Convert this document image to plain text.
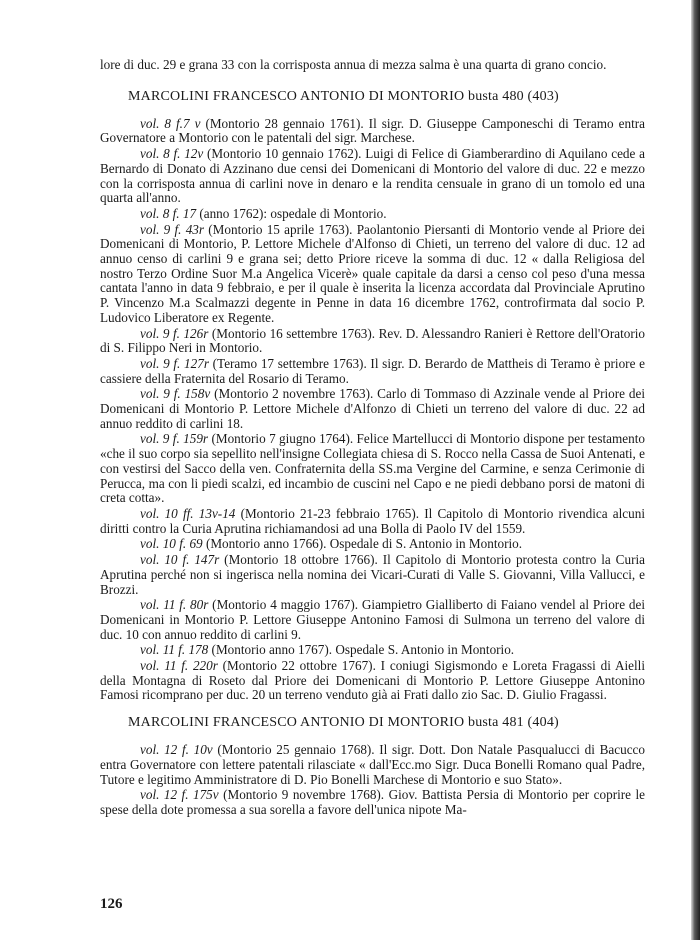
lore di duc. 29 e grana 33 con la corrisposta annua di mezza salma è una quarta di grano concio.

MARCOLINI FRANCESCO ANTONIO DI MONTORIO busta 480 (403)

vol. 8 f.7 v (Montorio 28 gennaio 1761). Il sigr. D. Giuseppe Camponeschi di Teramo entra Governatore a Montorio con le patentali del sigr. Marchese.

vol. 8 f. 12v (Montorio 10 gennaio 1762). Luigi di Felice di Giamberardino di Aquilano cede a Bernardo di Donato di Azzinano due censi dei Domenicani di Montorio del valore di duc. 22 e mezzo con la corrisposta annua di carlini nove in denaro e la rendita censuale in grano di un tomolo ed una quarta all'anno.

vol. 8 f. 17 (anno 1762): ospedale di Montorio.

vol. 9 f. 43r (Montorio 15 aprile 1763). Paolantonio Piersanti di Montorio vende al Priore dei Domenicani di Montorio, P. Lettore Michele d'Alfonso di Chieti, un terreno del valore di duc. 12 ad annuo censo di carlini 9 e grana sei; detto Priore riceve la somma di duc. 12 « dalla Religiosa del nostro Terzo Ordine Suor M.a Angelica Vicerè» quale capitale da darsi a censo col peso d'una messa cantata l'anno in data 9 febbraio, e per il quale è inserita la licenza accordata dal Provinciale Aprutino P. Vincenzo M.a Scalmazzi degente in Penne in data 16 dicembre 1762, controfirmata dal socio P. Ludovico Liberatore ex Regente.

vol. 9 f. 126r (Montorio 16 settembre 1763). Rev. D. Alessandro Ranieri è Rettore dell'Oratorio di S. Filippo Neri in Montorio.

vol. 9 f. 127r (Teramo 17 settembre 1763). Il sigr. D. Berardo de Mattheis di Teramo è priore e cassiere della Fraternita del Rosario di Teramo.

vol. 9 f. 158v (Montorio 2 novembre 1763). Carlo di Tommaso di Azzinale vende al Priore dei Domenicani di Montorio P. Lettore Michele d'Alfonzo di Chieti un terreno del valore di duc. 22 ad annuo reddito di carlini 18.

vol. 9 f. 159r (Montorio 7 giugno 1764). Felice Martellucci di Montorio dispone per testamento «che il suo corpo sia sepellito nell'insigne Collegiata chiesa di S. Rocco nella Cassa de Suoi Antenati, e con vestirsi del Sacco della ven. Confraternita della SS.ma Vergine del Carmine, e senza Cerimonie di Perucca, ma con li piedi scalzi, ed incambio de cuscini nel Capo e ne piedi debbano porsi de matoni di creta cotta».

vol. 10 ff. 13v-14 (Montorio 21-23 febbraio 1765). Il Capitolo di Montorio rivendica alcuni diritti contro la Curia Aprutina richiamandosi ad una Bolla di Paolo IV del 1559.

vol. 10 f. 69 (Montorio anno 1766). Ospedale di S. Antonio in Montorio.

vol. 10 f. 147r (Montorio 18 ottobre 1766). Il Capitolo di Montorio protesta contro la Curia Aprutina perché non si ingerisca nella nomina dei Vicari-Curati di Valle S. Giovanni, Villa Vallucci, e Brozzi.

vol. 11 f. 80r (Montorio 4 maggio 1767). Giampietro Gialliberto di Faiano vendel al Priore dei Domenicani in Montorio P. Lettore Giuseppe Antonino Famosi di Sulmona un terreno del valore di duc. 10 con annuo reddito di carlini 9.

vol. 11 f. 178 (Montorio anno 1767). Ospedale S. Antonio in Montorio.

vol. 11 f. 220r (Montorio 22 ottobre 1767). I coniugi Sigismondo e Loreta Fragassi di Aielli della Montagna di Roseto dal Priore dei Domenicani di Montorio P. Lettore Giuseppe Antonino Famosi ricomprano per duc. 20 un terreno venduto già ai Frati dallo zio Sac. D. Giulio Fragassi.

MARCOLINI FRANCESCO ANTONIO DI MONTORIO busta 481 (404)

vol. 12 f. 10v (Montorio 25 gennaio 1768). Il sigr. Dott. Don Natale Pasqualucci di Bacucco entra Governatore con lettere patentali rilasciate « dall'Ecc.mo Sigr. Duca Bonelli Romano qual Padre, Tutore e legitimo Amministratore di D. Pio Bonelli Marchese di Montorio e suo Stato».

vol. 12 f. 175v (Montorio 9 novembre 1768). Giov. Battista Persia di Montorio per coprire le spese della dote promessa a sua sorella a favore dell'unica nipote Ma-

126
